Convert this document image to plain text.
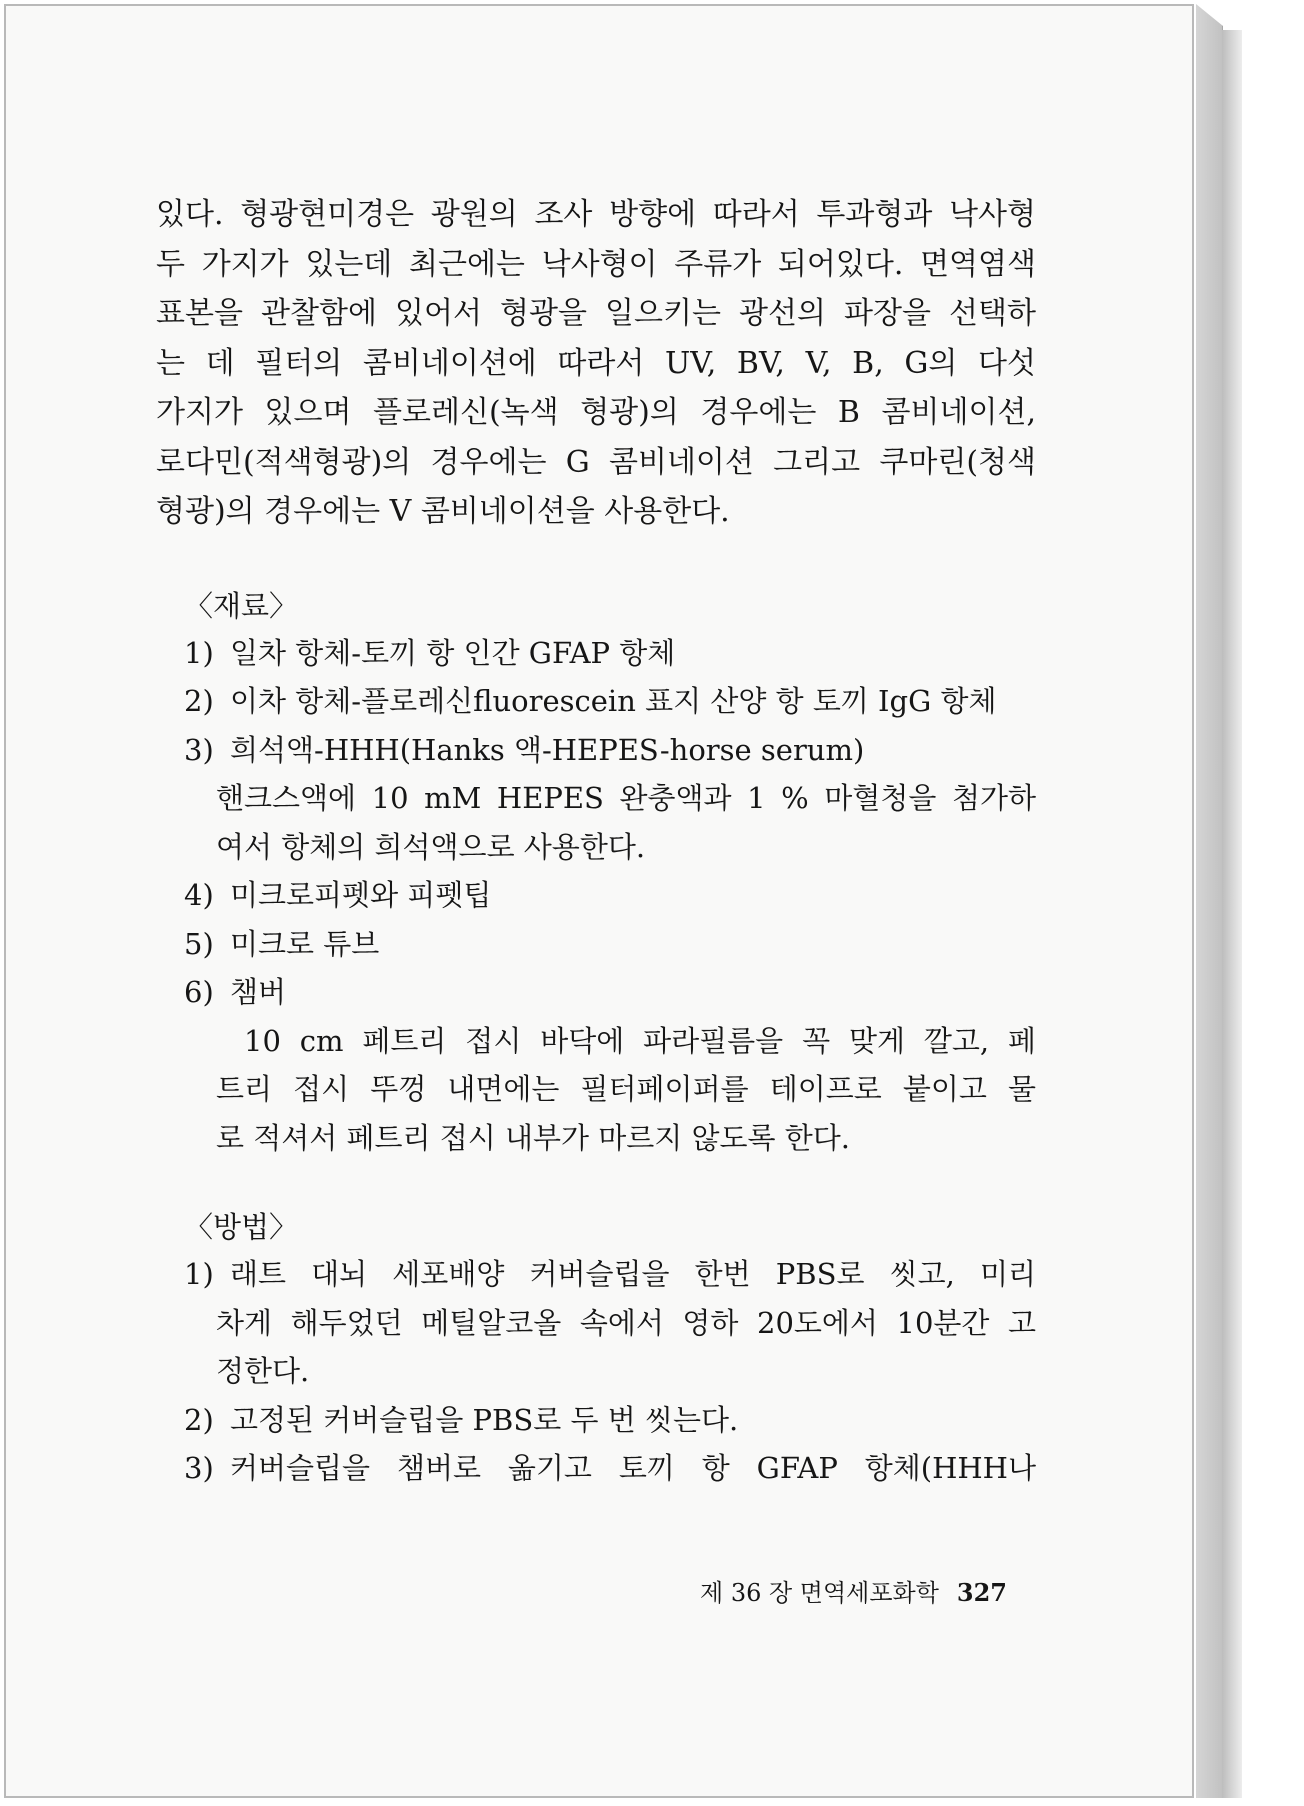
있다. 형광현미경은 광원의 조사 방향에 따라서 투과형과 낙사형
두 가지가 있는데 최근에는 낙사형이 주류가 되어있다. 면역염색
표본을 관찰함에 있어서 형광을 일으키는 광선의 파장을 선택하
는 데 필터의 콤비네이션에 따라서 UV, BV, V, B, G의 다섯
가지가 있으며 플로레신(녹색 형광)의 경우에는 B 콤비네이션,
로다민(적색형광)의 경우에는 G 콤비네이션 그리고 쿠마린(청색
형광)의 경우에는 V 콤비네이션을 사용한다.

〈재료〉

1) 일차 항체-토끼 항 인간 GFAP 항체
2) 이차 항체-플로레신fluorescein 표지 산양 항 토끼 IgG 항체
3) 희석액-HHH(Hanks 액-HEPES-horse serum)

핸크스액에 10 mM HEPES 완충액과 1 % 마혈청을 첨가하
여서 항체의 희석액으로 사용한다.

4) 미크로피펫와 피펫팁
5) 미크로 튜브
6) 챔버

10 cm 페트리 접시 바닥에 파라필름을 꼭 맞게 깔고, 페
트리 접시 뚜껑 내면에는 필터페이퍼를 테이프로 붙이고 물
로 적셔서 페트리 접시 내부가 마르지 않도록 한다.

〈방법〉

1) 래트 대뇌 세포배양 커버슬립을 한번 PBS로 씻고, 미리
차게 해두었던 메틸알코올 속에서 영하 20도에서 10분간 고
정한다.
2) 고정된 커버슬립을 PBS로 두 번 씻는다.
3) 커버슬립을 챔버로 옮기고 토끼 항 GFAP 항체(HHH나
제 36 장 면역세포화학 327
